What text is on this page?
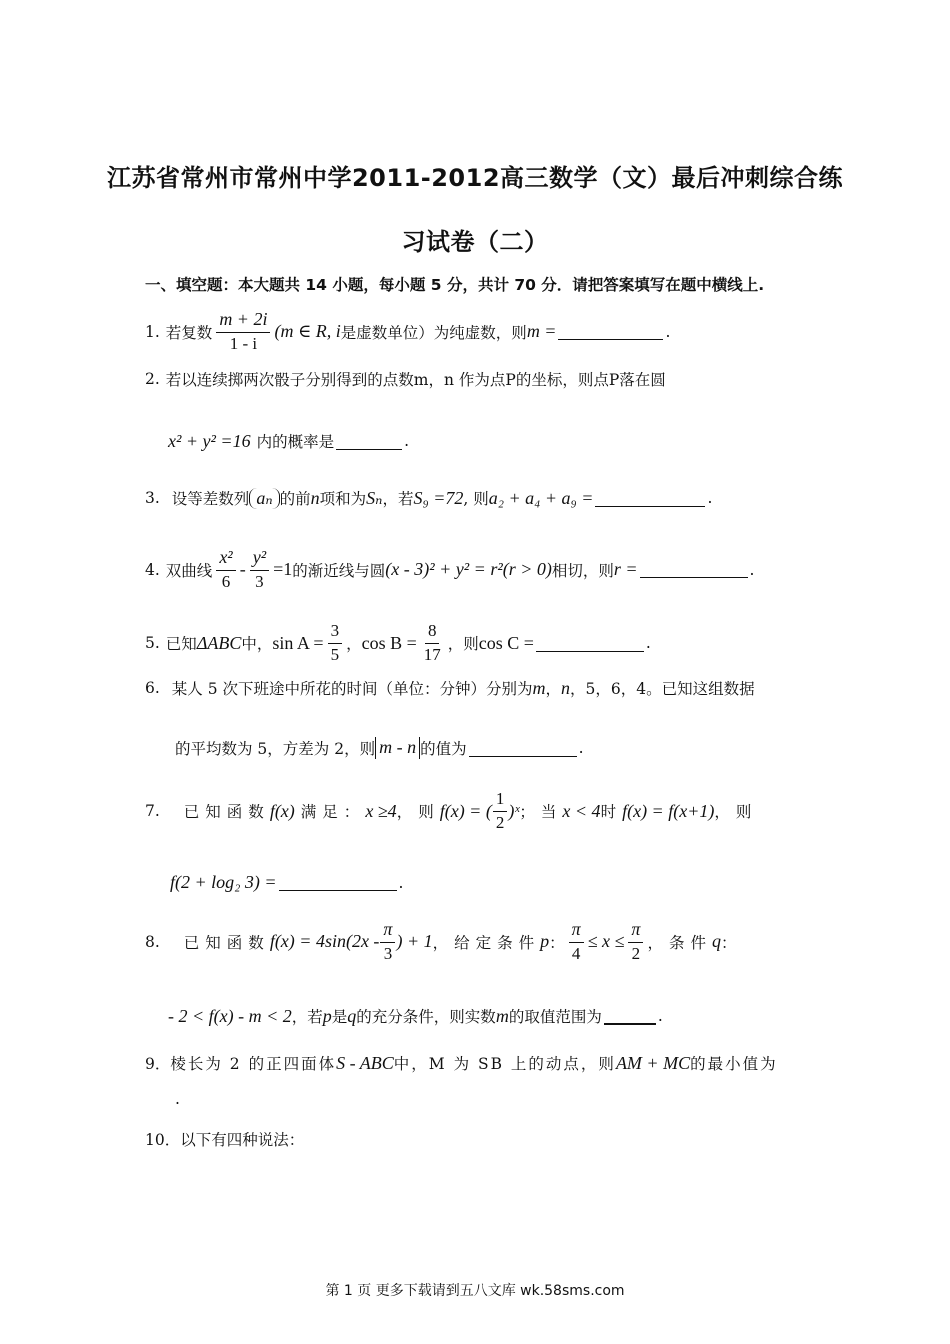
江苏省常州市常州中学2011-2012高三数学（文）最后冲刺综合练
习试卷（二）
一、填空题：本大题共 14 小题，每小题 5 分，共计 70 分．请把答案填写在题中横线上.
1. 若复数 $\frac{m + 2i}{1 - i} (m$ ∈ R, i 是虚数单位）为纯虚数，则 m =	.
2. 若以连续掷两次骰子分别得到的点数m，n 作为点P的坐标，则点P落在圆
x² + y² =16 内的概率是	.
3. 设等差数列 aₙ 的前 n 项和为 Sₙ ，若 S₉ =72 , 则 a₂ + a₄ + a₉ =	.
4. 双曲线 $\frac{\text{x²}}{6} - \frac{\text{y²}}{3} =1$ 的渐近线与圆 (x - 3)² + y² = r²(r > 0) 相切，则 r =	.
5. 已知 ΔABC 中， $\sin A = \frac{3}{5}$ ， $\cos B = \frac{8}{17}$ ，则 cos C =	.
6. 某人 5 次下班途中所花的时间（单位：分钟）分别为 m ， n ，5，6，4。已知这组数据
的平均数为 5，方差为 2，则 m - n 的值为	.
7. 已知函数 f(x) 满足： x ≥4 ，则 f(x) = ( $\frac{1}{2}$ )ˣ ；当 x < 4 时 f(x) = f(x+1) ，则
f(2 + log₂ 3) =	.
8. 已知函数 $f(x) = 4\sin(2x - \frac{\pi}{3}$ ) + 1 ，给定条件 p ： $\frac{\pi}{4} \le x \le \frac{\pi}{2}$ ，条件 q ：
- 2 < f(x) - m < 2 ，若 p 是 q 的充分条件，则实数 m 的取值范围为	.
9． 棱长为 2 的正四面体 S - ABC 中，M 为 SB 上的动点，则 AM + MC 的最小值为
.
10． 以下有四种说法：
第 1 页 更多下载请到五八文库 wk.58sms.com
